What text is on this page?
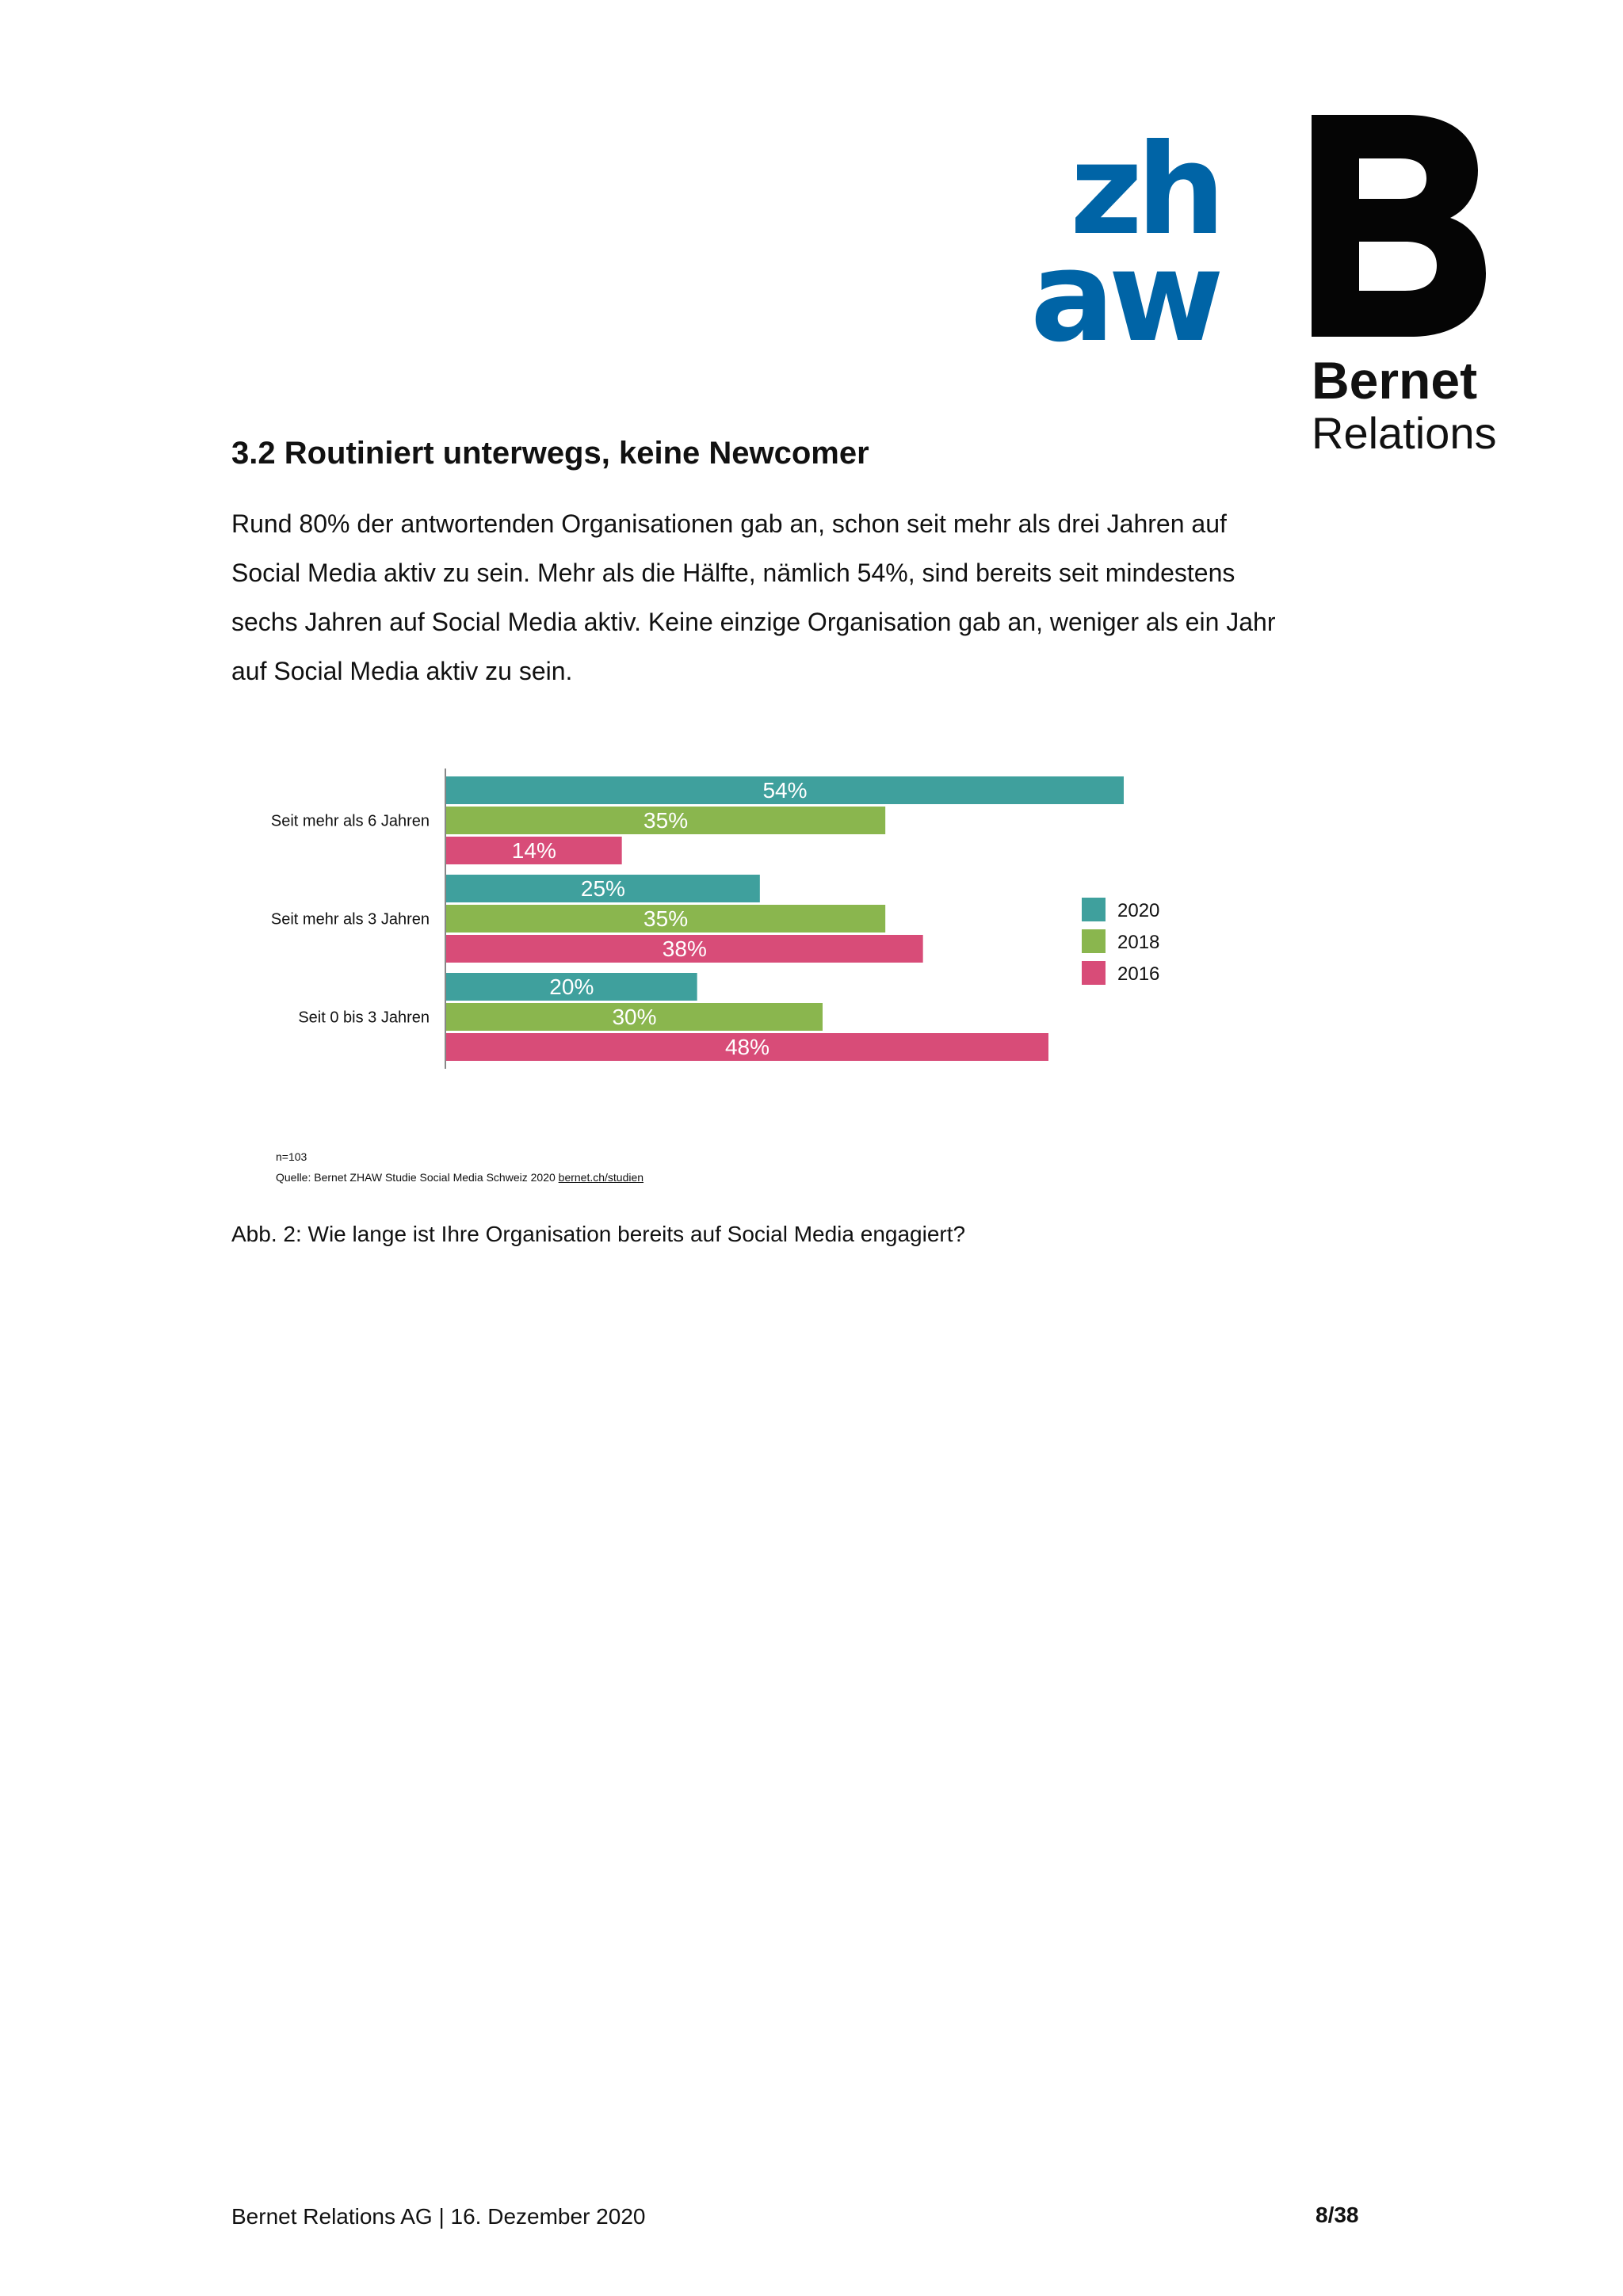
zh
aw
Bernet
Relations
3.2 Routiniert unterwegs, keine Newcomer

Rund 80% der antwortenden Organisationen gab an, schon seit mehr als drei Jahren auf Social Media aktiv zu sein. Mehr als die Hälfte, nämlich 54%, sind bereits seit mindestens sechs Jahren auf Social Media aktiv. Keine einzige Organisation gab an, weniger als ein Jahr auf Social Media aktiv zu sein.

Seit mehr als 6 Jahren
54%
35%
14%
Seit mehr als 3 Jahren
25%
35%
38%
Seit 0 bis 3 Jahren
20%
30%
48%
2020
2018
2016
n=103
Quelle: Bernet ZHAW Studie Social Media Schweiz 2020 bernet.ch/studien
Abb. 2: Wie lange ist Ihre Organisation bereits auf Social Media engagiert?
Bernet Relations AG | 16. Dezember 2020	8/38
